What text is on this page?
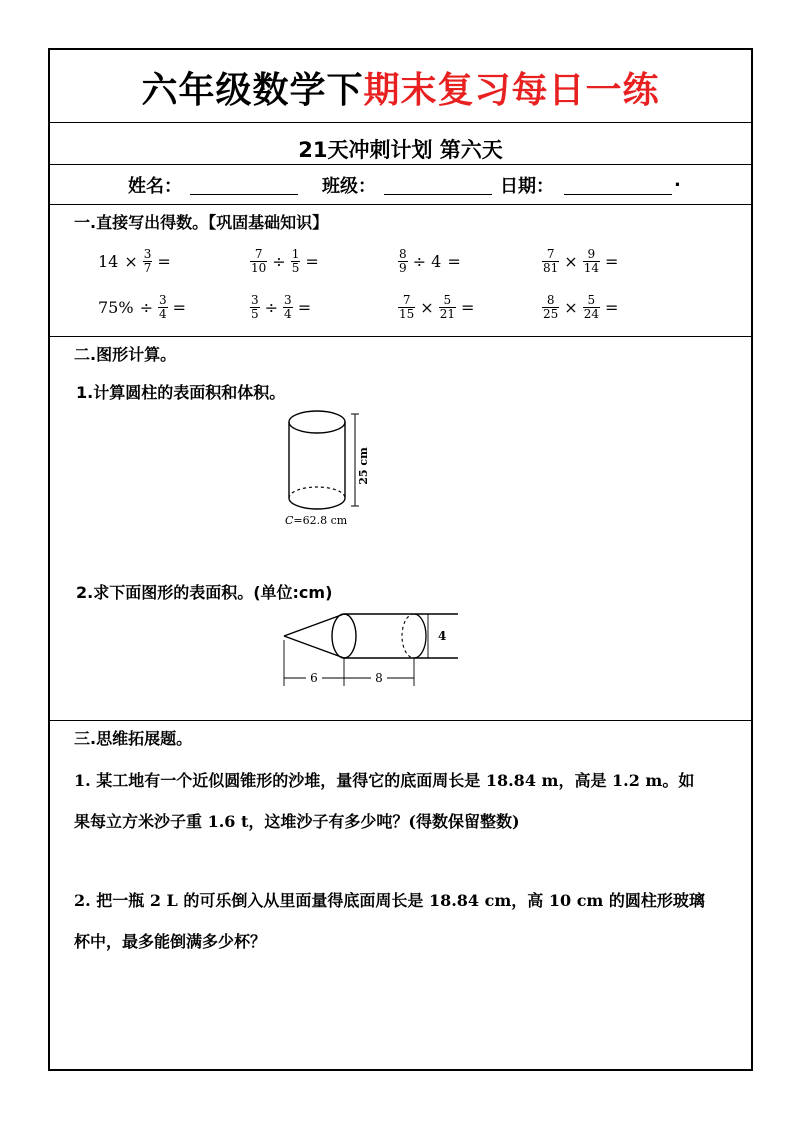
六年级数学下期末复习每日一练
21天冲刺计划 第六天
姓名：	班级：	日期：	.
一.直接写出得数。【巩固基础知识】
$14 \times \frac{3}{7}$ =	$\frac{7}{10} \div \frac{1}{5}$ =	$\frac{8}{9} \div 4$ =	$\frac{7}{81} \times \frac{9}{14}$ =
$75\% \div \frac{3}{4}$ =	$\frac{3}{5} \div \frac{3}{4}$ =	$\frac{7}{15} \times \frac{5}{21}$ =	$\frac{8}{25} \times \frac{5}{24}$ =
二.图形计算。
1.计算圆柱的表面积和体积。
25 cm
C=62.8 cm
2.求下面图形的表面积。(单位:cm)
4
6	8
三.思维拓展题。
1. 某工地有一个近似圆锥形的沙堆，量得它的底面周长是 18.84 m，高是 1.2 m。如
果每立方米沙子重 1.6 t，这堆沙子有多少吨？(得数保留整数)
2. 把一瓶 2 L 的可乐倒入从里面量得底面周长是 18.84 cm，高 10 cm 的圆柱形玻璃
杯中，最多能倒满多少杯？
